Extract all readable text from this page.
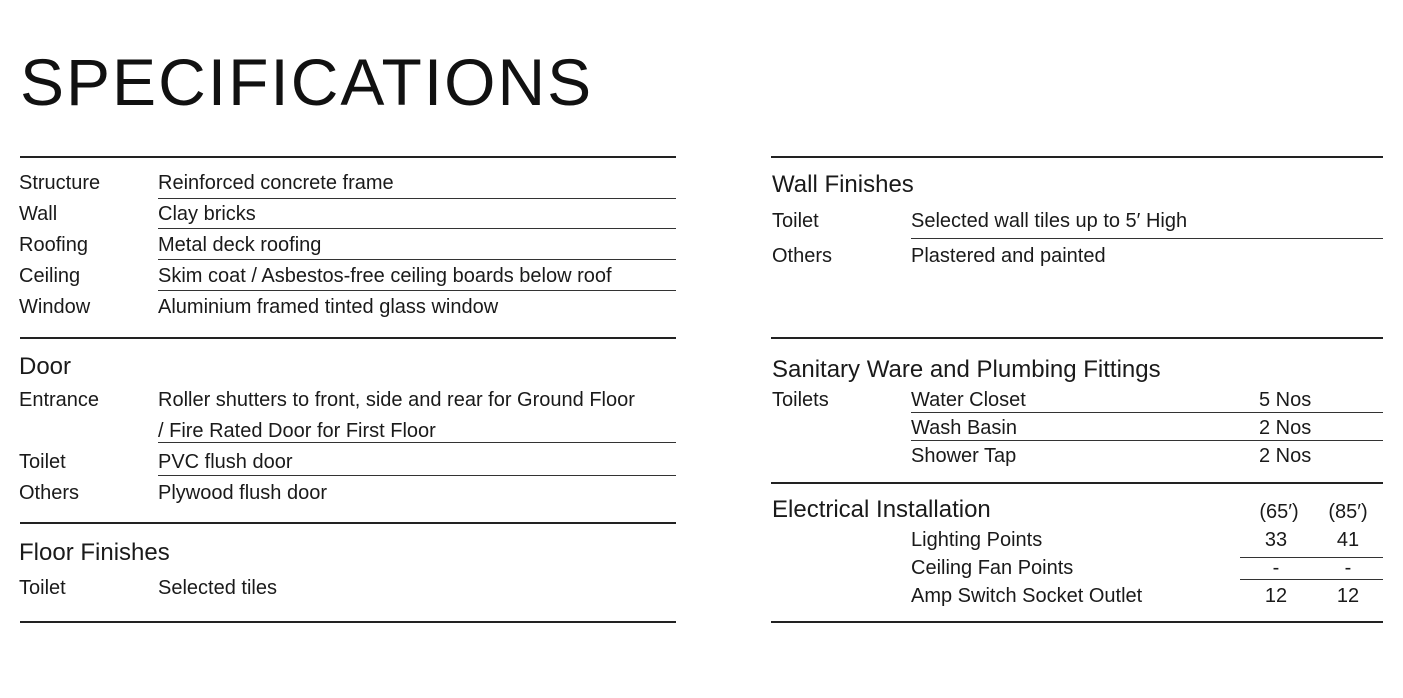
SPECIFICATIONS
Structure	Reinforced concrete frame
Wall	Clay bricks
Roofing	Metal deck roofing
Ceiling	Skim coat / Asbestos-free ceiling boards below roof
Window	Aluminium framed tinted glass window
Door
Entrance	Roller shutters to front, side and rear for Ground Floor
/ Fire Rated Door for First Floor
Toilet	PVC flush door
Others	Plywood flush door
Floor Finishes
Toilet	Selected tiles
Wall Finishes
Toilet	Selected wall tiles up to 5′ High
Others	Plastered and painted
Sanitary Ware and Plumbing Fittings
Toilets	Water Closet	5 Nos
Wash Basin	2 Nos
Shower Tap	2 Nos
Electrical Installation	(65′)	(85′)
Lighting Points	33	41
Ceiling Fan Points	-	-
Amp Switch Socket Outlet	12	12
